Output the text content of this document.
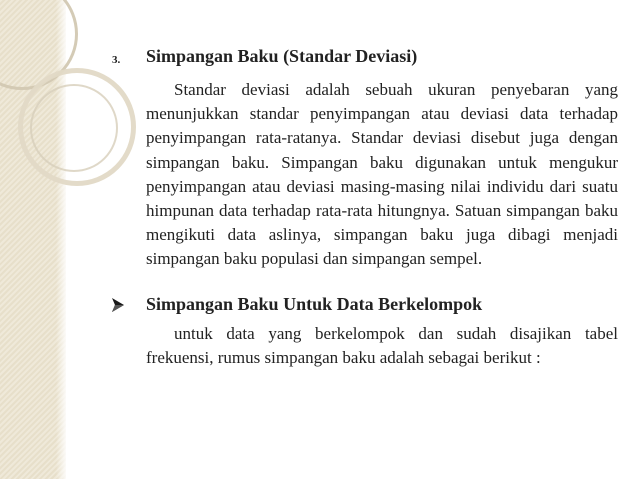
3. Simpangan Baku (Standar Deviasi)
Standar deviasi adalah sebuah ukuran penyebaran yang menunjukkan standar penyimpangan atau deviasi data terhadap penyimpangan rata-ratanya. Standar deviasi disebut juga dengan simpangan baku. Simpangan baku digunakan untuk mengukur penyimpangan atau deviasi masing-masing nilai individu dari suatu himpunan data terhadap rata-rata hitungnya. Satuan simpangan baku mengikuti data aslinya, simpangan baku juga dibagi menjadi simpangan baku populasi dan simpangan sempel.
Simpangan Baku Untuk Data Berkelompok
untuk data yang berkelompok dan sudah disajikan tabel frekuensi, rumus simpangan baku adalah sebagai berikut :
